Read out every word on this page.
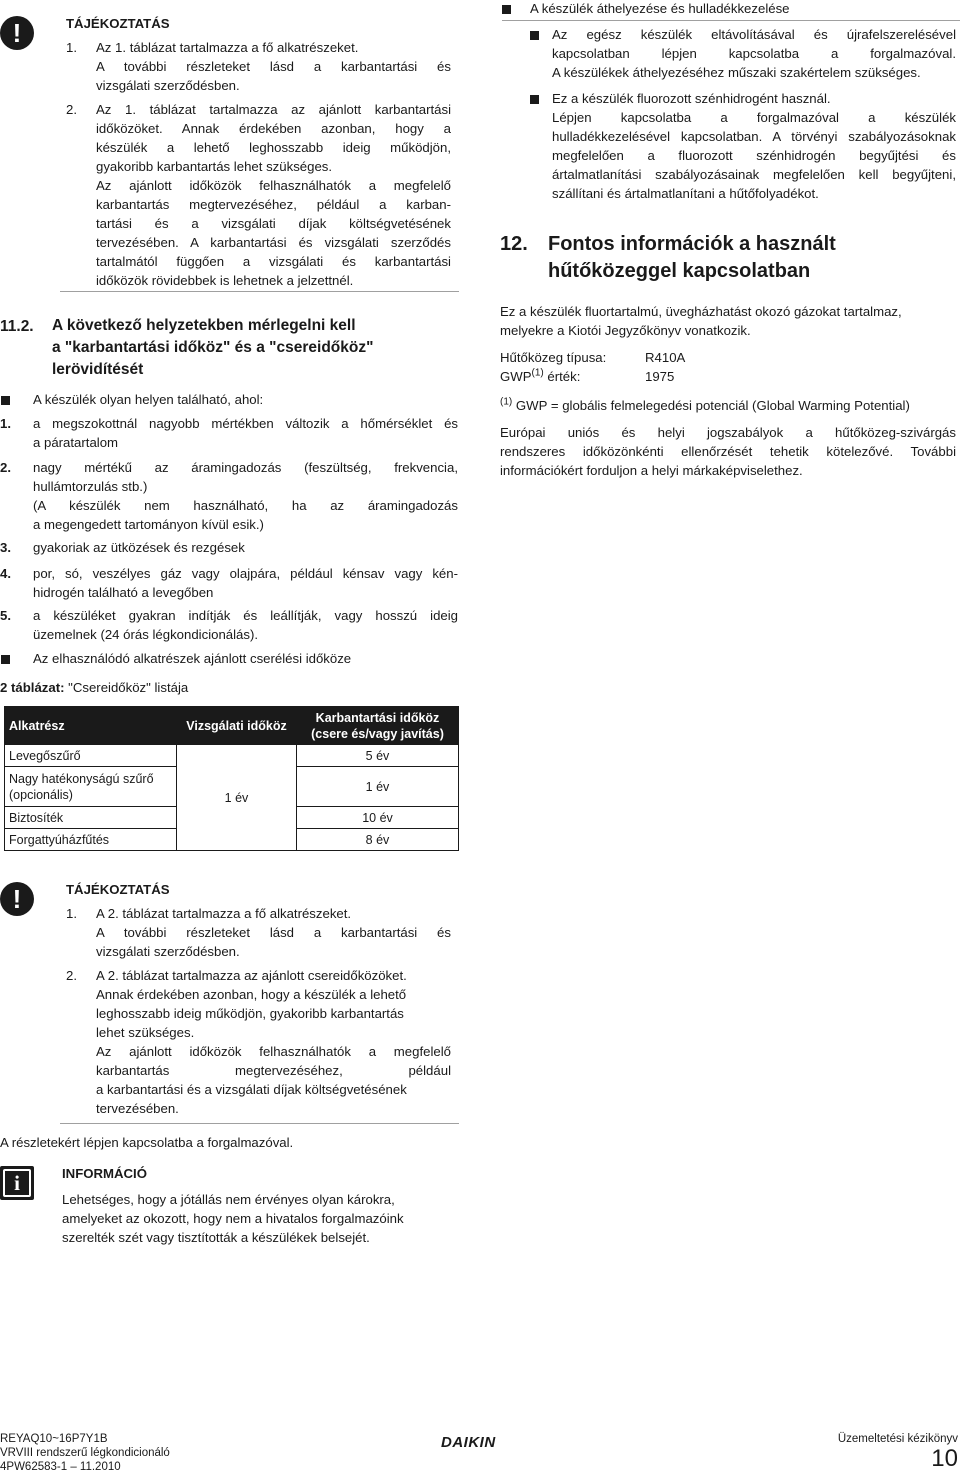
!	TÁJÉKOZTATÁS
1. Az 1. táblázat tartalmazza a fő alkatrészeket.
A további részleteket lásd a karbantartási és
vizsgálati szerződésben.
2. Az 1. táblázat tartalmazza az ajánlott karbantartási
időközöket. Annak érdekében azonban, hogy a
készülék a lehető leghosszabb ideig működjön,
gyakoribb karbantartás lehet szükséges.
Az ajánlott időközök felhasználhatók a megfelelő
karbantartás megtervezéséhez, például a karban-
tartási és a vizsgálati díjak költségvetésének
tervezésében. A karbantartási és vizsgálati szerződés
tartalmától függően a vizsgálati és karbantartási
időközök rövidebbek is lehetnek a jelzettnél.
11.2. A következő helyzetekben mérlegelni kell
a "karbantartási időköz" és a "csereidőköz"
lerövidítését
A készülék olyan helyen található, ahol:
1. a megszokottnál nagyobb mértékben változik a hőmérséklet és
a páratartalom
2. nagy mértékű az áramingadozás (feszültség, frekvencia,
hullámtorzulás stb.)
(A készülék nem használható, ha az áramingadozás
a megengedett tartományon kívül esik.)
3. gyakoriak az ütközések és rezgések
4. por, só, veszélyes gáz vagy olajpára, például kénsav vagy kén-
hidrogén található a levegőben
5. a készüléket gyakran indítják és leállítják, vagy hosszú ideig
üzemelnek (24 órás légkondicionálás).
Az elhasználódó alkatrészek ajánlott cserélési időköze
2 táblázat: "Csereidőköz" listája
Alkatrész	Vizsgálati időköz	Karbantartási időköz
(csere és/vagy javítás)

Levegőszűrő	1 év	5 év

Nagy hatékonyságú szűrő
(opcionális)		1 év
Biztosíték		10 év
Forgattyúházfűtés		8 év
!	TÁJÉKOZTATÁS
1. A 2. táblázat tartalmazza a fő alkatrészeket.
A további részleteket lásd a karbantartási és
vizsgálati szerződésben.
2. A 2. táblázat tartalmazza az ajánlott csereidőközöket.
Annak érdekében azonban, hogy a készülék a lehető
leghosszabb ideig működjön, gyakoribb karbantartás
lehet szükséges.
Az ajánlott időközök felhasználhatók a megfelelő
karbantartás megtervezéséhez, például
a karbantartási és a vizsgálati díjak költségvetésének
tervezésében.
A részletekért lépjen kapcsolatba a forgalmazóval.
i	INFORMÁCIÓ
Lehetséges, hogy a jótállás nem érvényes olyan károkra,
amelyeket az okozott, hogy nem a hivatalos forgalmazóink
szerelték szét vagy tisztították a készülékek belsejét.
A készülék áthelyezése és hulladékkezelése
Az egész készülék eltávolításával és újrafelszerelésével
kapcsolatban lépjen kapcsolatba a forgalmazóval.
A készülékek áthelyezéséhez műszaki szakértelem szükséges.
Ez a készülék fluorozott szénhidrogént használ.
Lépjen kapcsolatba a forgalmazóval a készülék
hulladékkezelésével kapcsolatban. A törvényi szabályozásoknak
megfelelően a fluorozott szénhidrogén begyűjtési és
ártalmatlanítási szabályozásainak megfelelően kell begyűjteni,
szállítani és ártalmatlanítani a hűtőfolyadékot.
12. Fontos információk a használt
hűtőközeggel kapcsolatban
Ez a készülék fluortartalmú, üvegházhatást okozó gázokat tartalmaz,
melyekre a Kiotói Jegyzőkönyv vonatkozik.
Hűtőközeg típusa:	R410A
GWP$^{(1)}$ érték:	1975
$^{(1)}$ GWP = globális felmelegedési potenciál (Global Warming Potential)
Európai uniós és helyi jogszabályok a hűtőközeg-szivárgás
rendszeres időközönkénti ellenőrzését tehetik kötelezővé. További
információkért forduljon a helyi márkaképviselethez.
REYAQ10~16P7Y1B
VRVIII rendszerű légkondicionáló
4PW62583-1 – 11.2010
DAIKIN	Üzemeltetési kézikönyv
10
